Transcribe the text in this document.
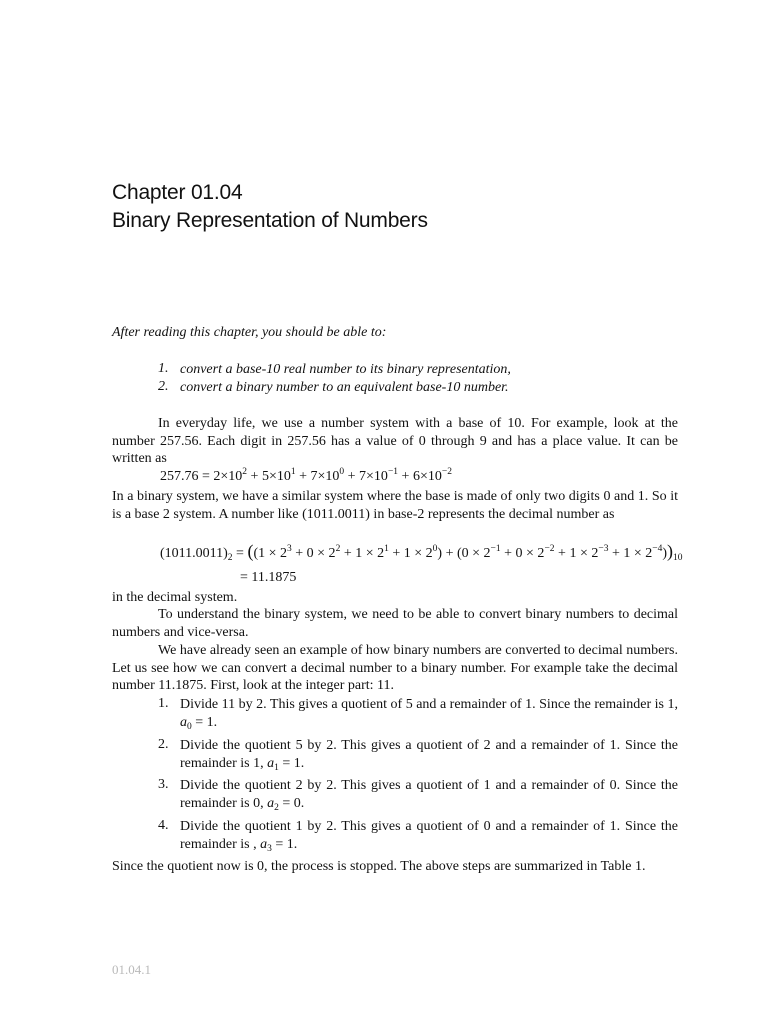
Chapter 01.04
Binary Representation of Numbers
After reading this chapter, you should be able to:
1. convert a base-10 real number to its binary representation,
2. convert a binary number to an equivalent base-10 number.
In everyday life, we use a number system with a base of 10. For example, look at the number 257.56. Each digit in 257.56 has a value of 0 through 9 and has a place value. It can be written as
$257.76 = 2\times 10^2 + 5\times 10^1 + 7\times 10^0 + 7\times 10^{-1} + 6\times 10^{-2}$
In a binary system, we have a similar system where the base is made of only two digits 0 and 1. So it is a base 2 system. A number like (1011.0011) in base-2 represents the decimal number as
$(1011.0011)_2 = ((1 \times 2^3 + 0 \times 2^2 + 1 \times 2^1 + 1 \times 2^0) + (0 \times 2^{-1} + 0 \times 2^{-2} + 1 \times 2^{-3} + 1 \times 2^{-4}))_{10}$
= 11.1875
in the decimal system.
To understand the binary system, we need to be able to convert binary numbers to decimal numbers and vice-versa.
We have already seen an example of how binary numbers are converted to decimal numbers. Let us see how we can convert a decimal number to a binary number. For example take the decimal number 11.1875. First, look at the integer part: 11.
1. Divide 11 by 2. This gives a quotient of 5 and a remainder of 1. Since the remainder is 1, $a_0 = 1$.
2. Divide the quotient 5 by 2. This gives a quotient of 2 and a remainder of 1. Since the remainder is 1, $a_1 = 1$.
3. Divide the quotient 2 by 2. This gives a quotient of 1 and a remainder of 0. Since the remainder is 0, $a_2 = 0$.
4. Divide the quotient 1 by 2. This gives a quotient of 0 and a remainder of 1. Since the remainder is , $a_3 = 1$.
Since the quotient now is 0, the process is stopped. The above steps are summarized in Table 1.
01.04.1
